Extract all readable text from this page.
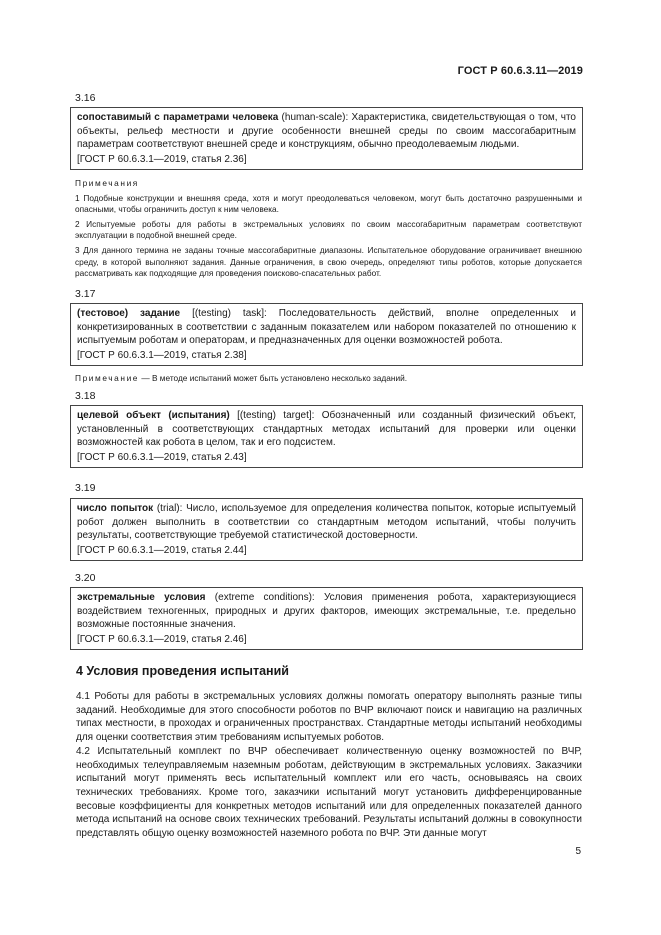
ГОСТ Р 60.6.3.11—2019
3.16

сопоставимый с параметрами человека (human-scale): Характеристика, свидетельствующая о том, что объекты, рельеф местности и другие особенности внешней среды по своим массогабаритным параметрам соответствуют внешней среде и конструкциям, обычно преодолеваемым людьми.

[ГОСТ Р 60.6.3.1—2019, статья 2.36]

Примечания

1 Подобные конструкции и внешняя среда, хотя и могут преодолеваться человеком, могут быть достаточно разрушенными и опасными, чтобы ограничить доступ к ним человека.

2 Испытуемые роботы для работы в экстремальных условиях по своим массогабаритным параметрам соответствуют эксплуатации в подобной внешней среде.

3 Для данного термина не заданы точные массогабаритные диапазоны. Испытательное оборудование ограничивает внешнюю среду, в которой выполняют задания. Данные ограничения, в свою очередь, определяют типы роботов, которые допускается рассматривать как подходящие для проведения поисково-спасательных работ.

3.17

(тестовое) задание [(testing) task]: Последовательность действий, вполне определенных и конкретизированных в соответствии с заданным показателем или набором показателей по отношению к испытуемым роботам и операторам, и предназначенных для оценки возможностей робота.

[ГОСТ Р 60.6.3.1—2019, статья 2.38]

Примечание — В методе испытаний может быть установлено несколько заданий.

3.18

целевой объект (испытания) [(testing) target]: Обозначенный или созданный физический объект, установленный в соответствующих стандартных методах испытаний для проверки или оценки возможностей как робота в целом, так и его подсистем.

[ГОСТ Р 60.6.3.1—2019, статья 2.43]

3.19

число попыток (trial): Число, используемое для определения количества попыток, которые испытуемый робот должен выполнить в соответствии со стандартным методом испытаний, чтобы получить результаты, соответствующие требуемой статистической достоверности.

[ГОСТ Р 60.6.3.1—2019, статья 2.44]

3.20

экстремальные условия (extreme conditions): Условия применения робота, характеризующиеся воздействием техногенных, природных и других факторов, имеющих экстремальные, т.е. предельно возможные постоянные значения.

[ГОСТ Р 60.6.3.1—2019, статья 2.46]

4 Условия проведения испытаний

4.1 Роботы для работы в экстремальных условиях должны помогать оператору выполнять разные типы заданий. Необходимые для этого способности роботов по ВЧР включают поиск и навигацию на различных типах местности, в проходах и ограниченных пространствах. Стандартные методы испытаний необходимы для оценки соответствия этим требованиям испытуемых роботов.

4.2 Испытательный комплект по ВЧР обеспечивает количественную оценку возможностей по ВЧР, необходимых телеуправляемым наземным роботам, действующим в экстремальных условиях. Заказчики испытаний могут применять весь испытательный комплект или его часть, основываясь на своих технических требованиях. Кроме того, заказчики испытаний могут установить дифференцированные весовые коэффициенты для конкретных методов испытаний или для определенных показателей данного метода испытаний на основе своих технических требований. Результаты испытаний должны в совокупности представлять общую оценку возможностей наземного робота по ВЧР. Эти данные могут

5
